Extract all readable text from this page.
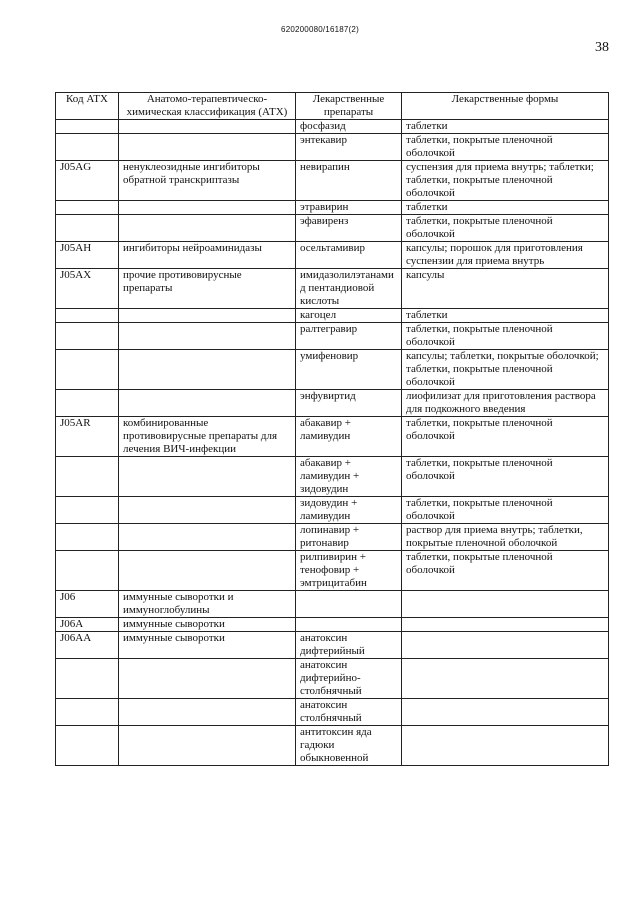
620200080/16187(2)
38
Код АТХ	Анатомо-терапевтическо-химическая классификация (АТХ)	Лекарственные препараты	Лекарственные формы
		фосфазид	таблетки
		энтекавир	таблетки, покрытые пленочной оболочкой
J05AG	ненуклеозидные ингибиторы обратной транскриптазы	невирапин	суспензия для приема внутрь; таблетки; таблетки, покрытые пленочной оболочкой
		этравирин	таблетки
		эфавиренз	таблетки, покрытые пленочной оболочкой
J05AH	ингибиторы нейроаминидазы	осельтамивир	капсулы; порошок для приготовления суспензии для приема внутрь
J05AX	прочие противовирусные препараты	имидазолилэтанамид пентандиовой кислоты	капсулы
		кагоцел	таблетки
		ралтегравир	таблетки, покрытые пленочной оболочкой
		умифеновир	капсулы; таблетки, покрытые оболочкой; таблетки, покрытые пленочной оболочкой
		энфувиртид	лиофилизат для приготовления раствора для подкожного введения
J05AR	комбинированные противовирусные препараты для лечения ВИЧ-инфекции	абакавир + ламивудин	таблетки, покрытые пленочной оболочкой
		абакавир + ламивудин + зидовудин	таблетки, покрытые пленочной оболочкой
		зидовудин + ламивудин	таблетки, покрытые пленочной оболочкой
		лопинавир + ритонавир	раствор для приема внутрь; таблетки, покрытые пленочной оболочкой
		рилпивирин + тенофовир + эмтрицитабин	таблетки, покрытые пленочной оболочкой
J06	иммунные сыворотки и иммуноглобулины		
J06A	иммунные сыворотки		
J06AA	иммунные сыворотки	анатоксин дифтерийный	
		анатоксин дифтерийно-столбнячный	
		анатоксин столбнячный	
		антитоксин яда гадюки обыкновенной	
